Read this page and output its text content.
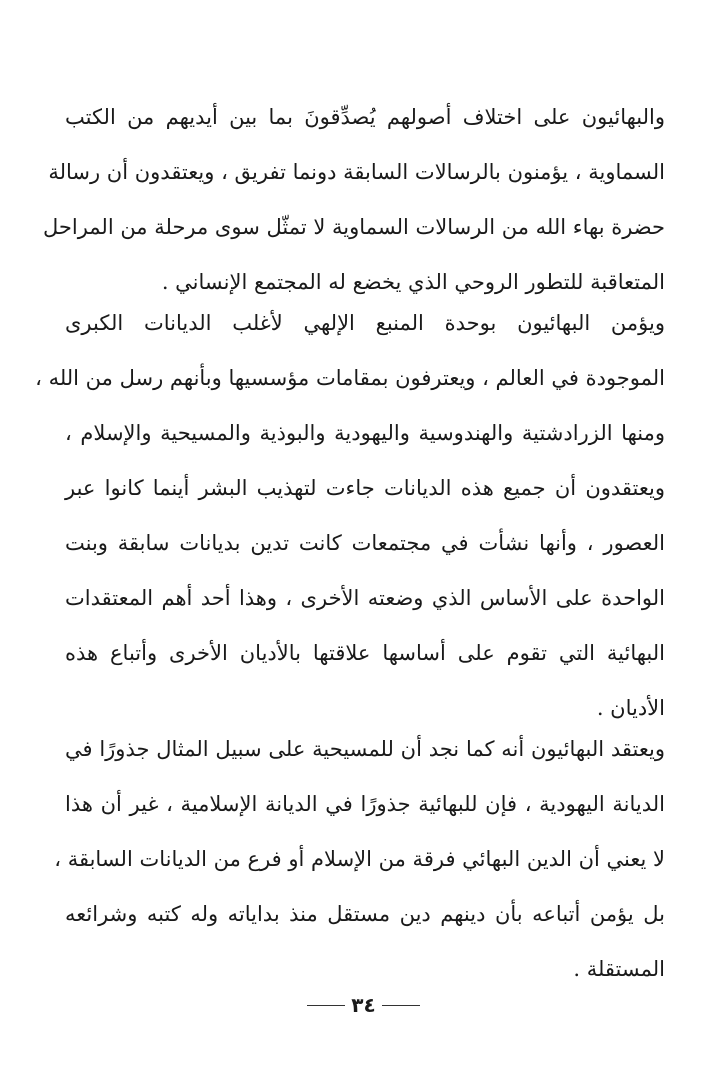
والبهائيون على اختلاف أصولهم يُصدِّقونَ بما بين أيديهم من الكتب
السماوية ، يؤمنون بالرسالات السابقة دونما تفريق ، ويعتقدون أن رسالة
حضرة بهاء الله من الرسالات السماوية لا تمثّل سوى مرحلة من المراحل
المتعاقبة للتطور الروحي الذي يخضع له المجتمع الإنساني .
ويؤمن البهائيون بوحدة المنبع الإلهي لأغلب الديانات الكبرى
الموجودة في العالم ، ويعترفون بمقامات مؤسسيها وبأنهم رسل من الله ،
ومنها الزرادشتية والهندوسية واليهودية والبوذية والمسيحية والإسلام ،
ويعتقدون أن جميع هذه الديانات جاءت لتهذيب البشر أينما كانوا عبر
العصور ، وأنها نشأت في مجتمعات كانت تدين بديانات سابقة وبنت
الواحدة على الأساس الذي وضعته الأخرى ، وهذا أحد أهم المعتقدات
البهائية التي تقوم على أساسها علاقتها بالأديان الأخرى وأتباع هذه
الأديان .
ويعتقد البهائيون أنه كما نجد أن للمسيحية على سبيل المثال جذورًا في
الديانة اليهودية ، فإن للبهائية جذورًا في الديانة الإسلامية ، غير أن هذا
لا يعني أن الدين البهائي فرقة من الإسلام أو فرع من الديانات السابقة ،
بل يؤمن أتباعه بأن دينهم دين مستقل منذ بداياته وله كتبه وشرائعه
المستقلة .
٣٤
